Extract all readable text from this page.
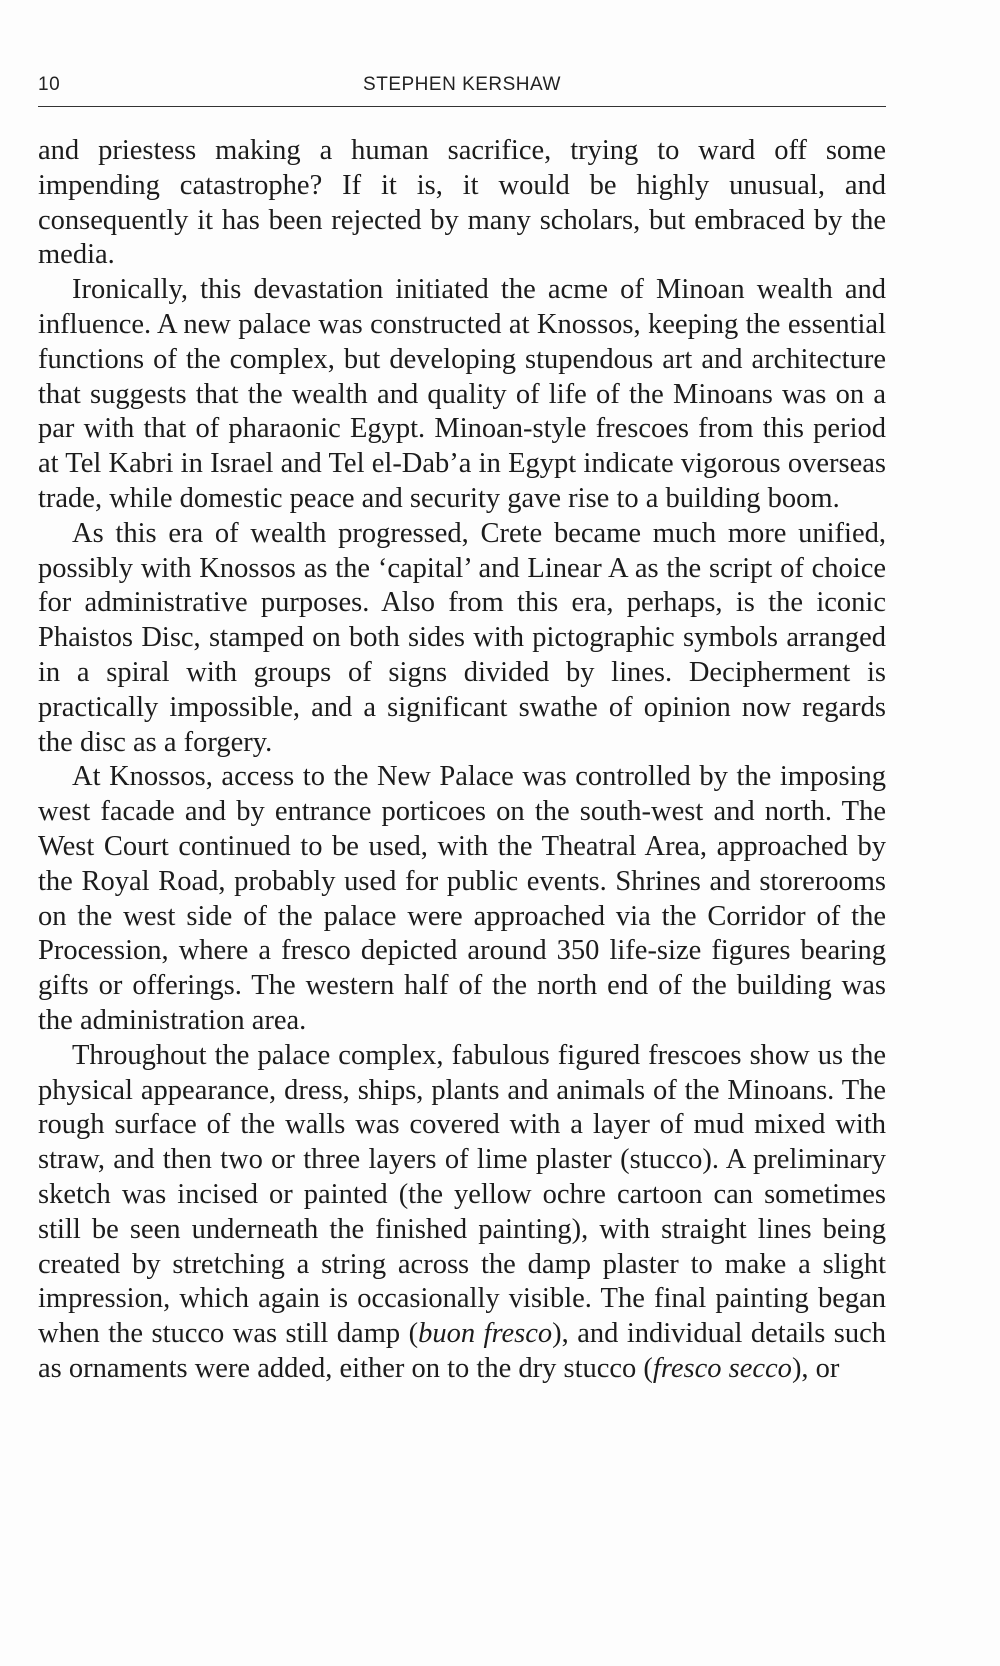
10	STEPHEN KERSHAW

and priestess making a human sacrifice, trying to ward off some impending catastrophe? If it is, it would be highly unusual, and consequently it has been rejected by many scholars, but embraced by the media.

Ironically, this devastation initiated the acme of Minoan wealth and influence. A new palace was constructed at Knossos, keeping the essential functions of the complex, but developing stupendous art and architecture that suggests that the wealth and quality of life of the Minoans was on a par with that of pharaonic Egypt. Minoan-style frescoes from this period at Tel Kabri in Israel and Tel el-Dab’a in Egypt indicate vigorous overseas trade, while domestic peace and security gave rise to a building boom.

As this era of wealth progressed, Crete became much more unified, possibly with Knossos as the ‘capital’ and Linear A as the script of choice for administrative purposes. Also from this era, perhaps, is the iconic Phaistos Disc, stamped on both sides with pictographic symbols arranged in a spiral with groups of signs divided by lines. Decipherment is practically impossible, and a significant swathe of opinion now regards the disc as a forgery.

At Knossos, access to the New Palace was controlled by the imposing west facade and by entrance porticoes on the south-west and north. The West Court continued to be used, with the Theatral Area, approached by the Royal Road, probably used for public events. Shrines and storerooms on the west side of the palace were approached via the Corridor of the Procession, where a fresco depicted around 350 life-size figures bearing gifts or offerings. The western half of the north end of the building was the administration area.

Throughout the palace complex, fabulous figured frescoes show us the physical appearance, dress, ships, plants and animals of the Minoans. The rough surface of the walls was covered with a layer of mud mixed with straw, and then two or three layers of lime plaster (stucco). A preliminary sketch was incised or painted (the yellow ochre cartoon can sometimes still be seen underneath the finished painting), with straight lines being created by stretching a string across the damp plaster to make a slight impression, which again is occasionally visible. The final painting began when the stucco was still damp (buon fresco), and individual details such as ornaments were added, either on to the dry stucco (fresco secco), or
